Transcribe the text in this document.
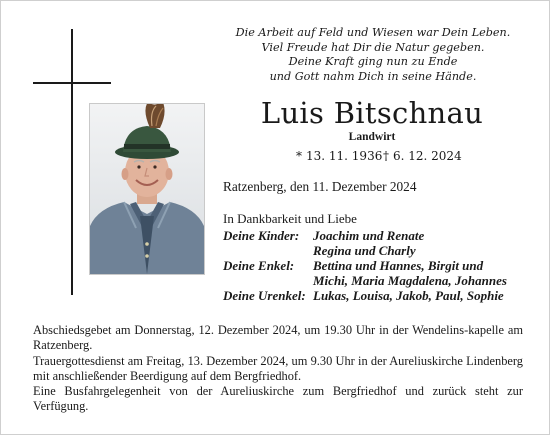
Die Arbeit auf Feld und Wiesen war Dein Leben.
Viel Freude hat Dir die Natur gegeben.
Deine Kraft ging nun zu Ende
und Gott nahm Dich in seine Hände.
Luis Bitschnau
Landwirt
* 13. 11. 1936 † 6. 12. 2024
Ratzenberg, den 11. Dezember 2024
In Dankbarkeit und Liebe
Deine Kinder: Joachim und Renate
Regina und Charly
Deine Enkel: Bettina und Hannes, Birgit und
Michi, Maria Magdalena, Johannes
Deine Urenkel: Lukas, Louisa, Jakob, Paul, Sophie
Abschiedsgebet am Donnerstag, 12. Dezember 2024, um 19.30 Uhr in der Wendelins-kapelle am Ratzenberg.
Trauergottesdienst am Freitag, 13. Dezember 2024, um 9.30 Uhr in der Aureliuskirche Lindenberg mit anschließender Beerdigung auf dem Bergfriedhof.
Eine Busfahrgelegenheit von der Aureliuskirche zum Bergfriedhof und zurück steht zur Verfügung.
